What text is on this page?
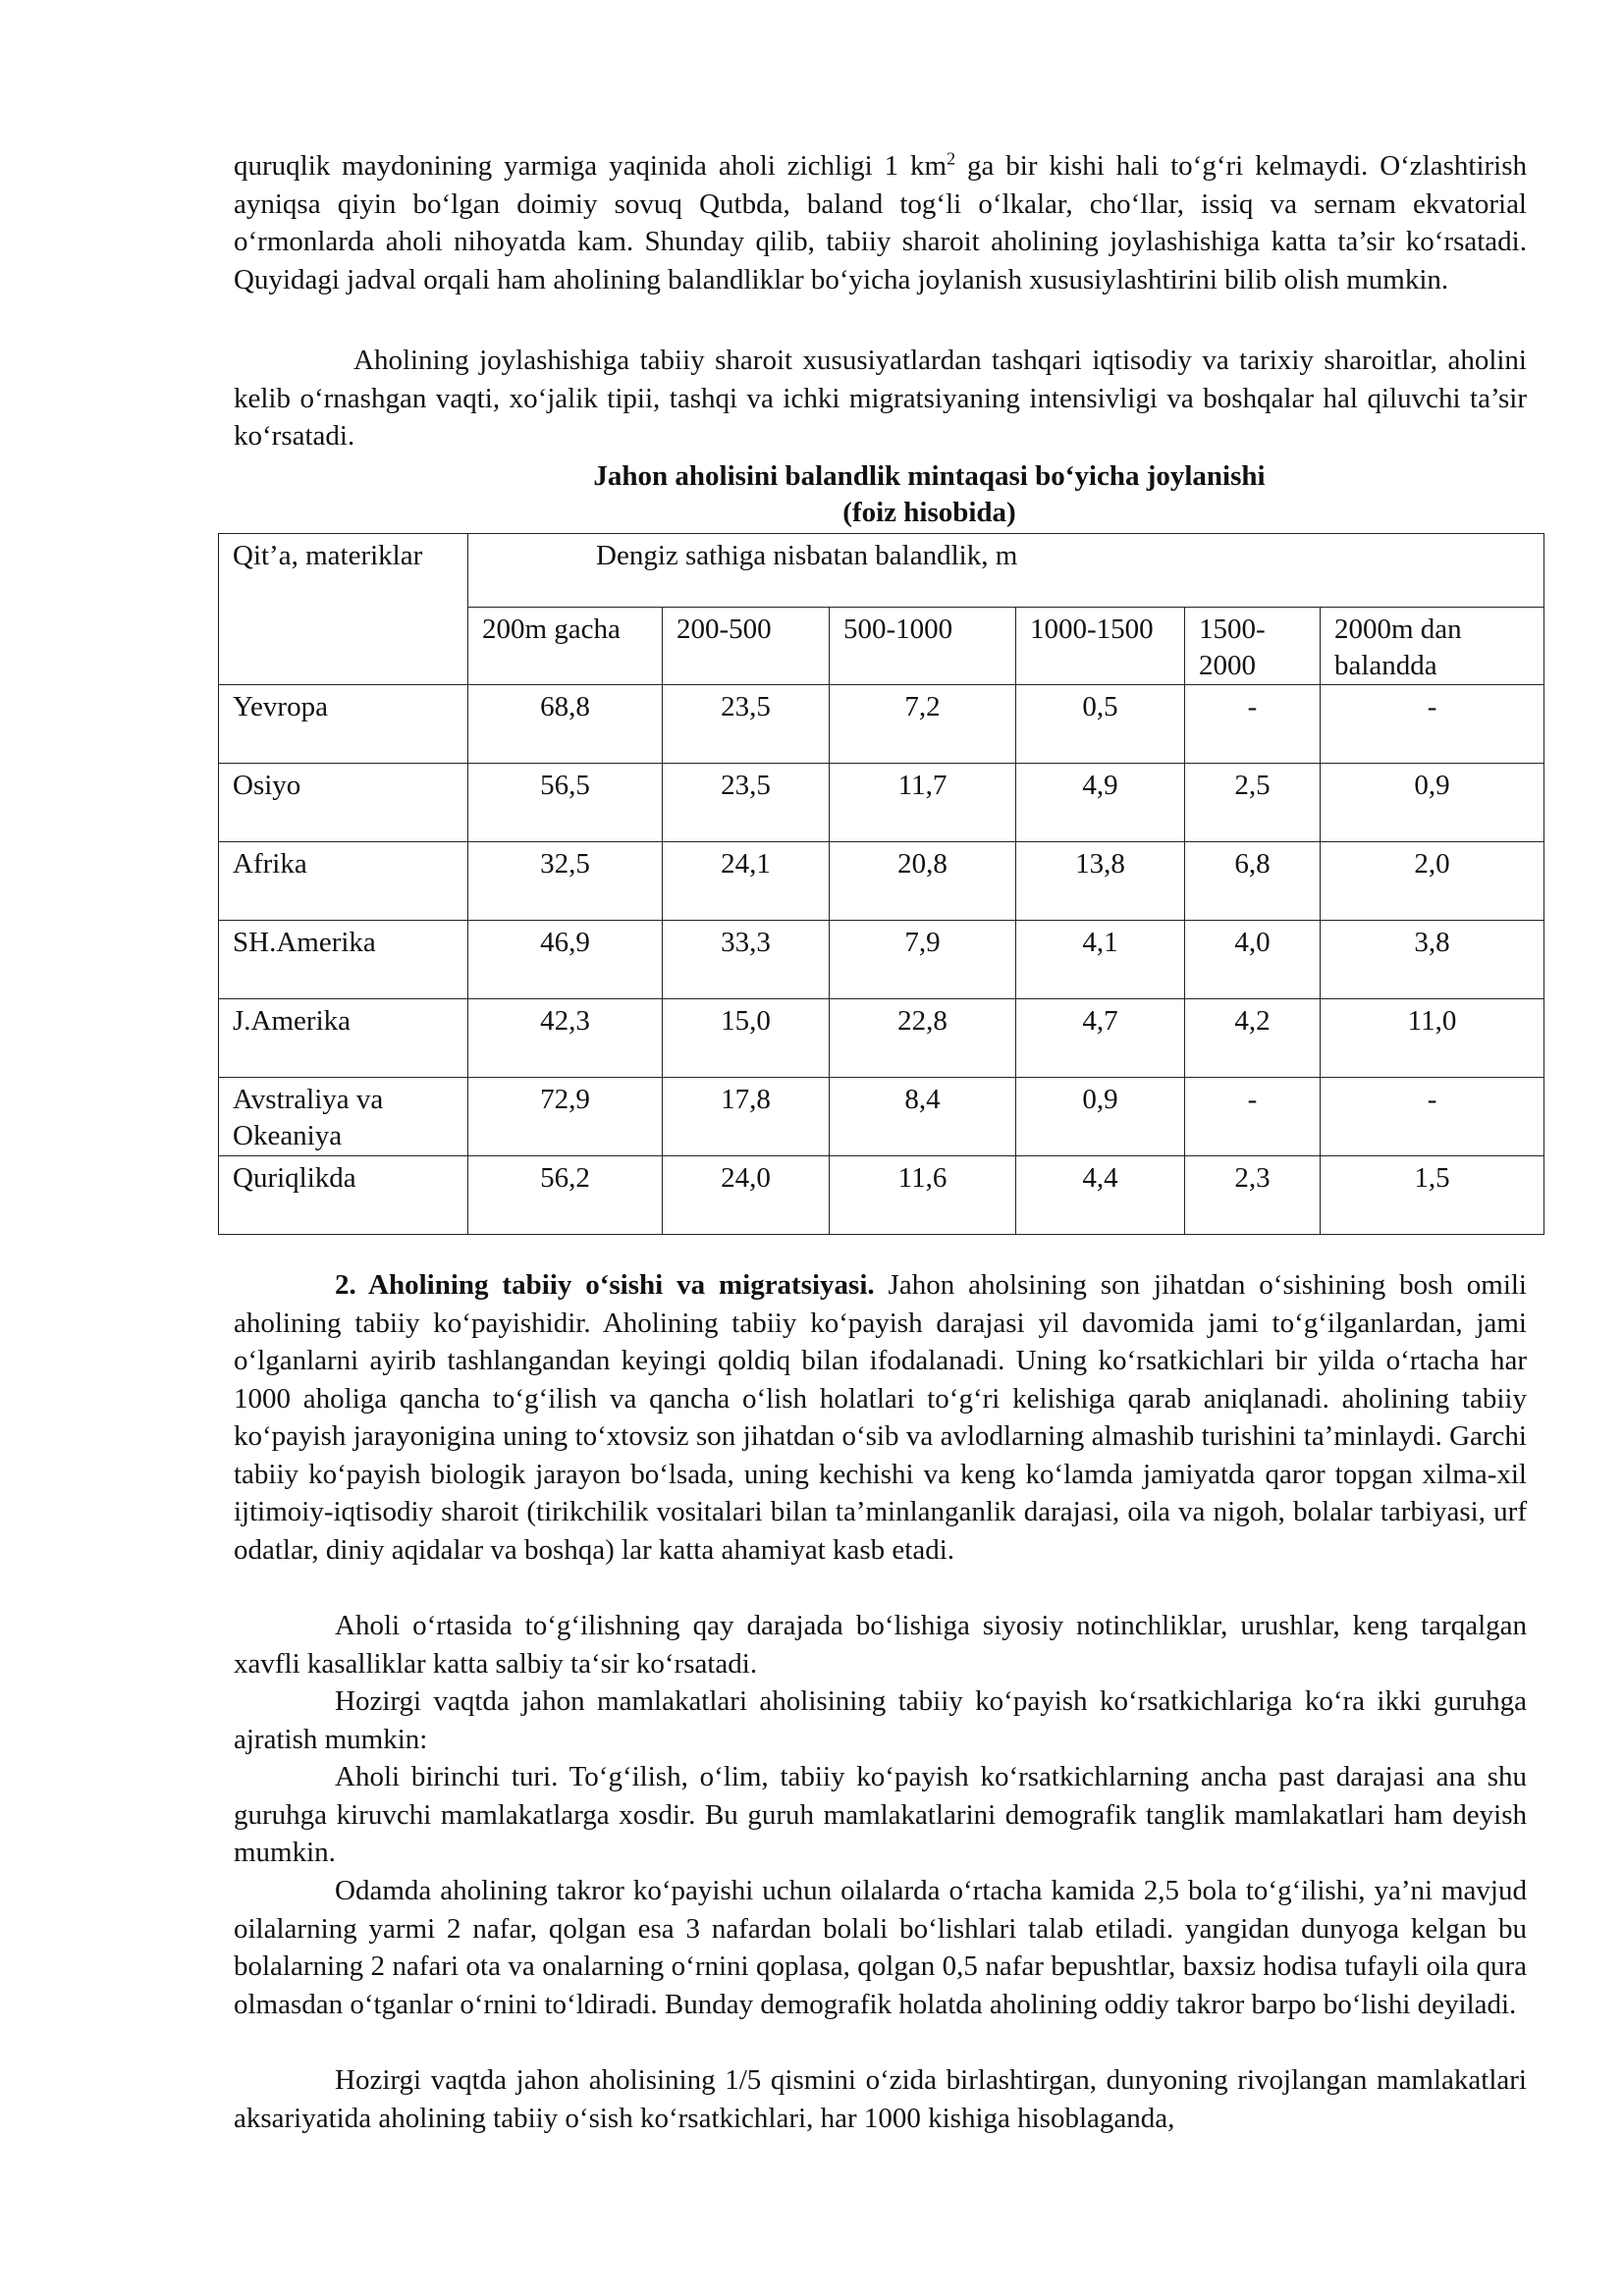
quruqlik maydonining yarmiga yaqinida aholi zichligi 1 $km^2$ ga bir kishi hali to‘g‘ri kelmaydi. O‘zlashtirish ayniqsa qiyin bo‘lgan doimiy sovuq Qutbda, baland tog‘li o‘lkalar, cho‘llar, issiq va sernam ekvatorial o‘rmonlarda aholi nihoyatda kam. Shunday qilib, tabiiy sharoit aholining joylashishiga katta ta’sir ko‘rsatadi. Quyidagi jadval orqali ham aholining balandliklar bo‘yicha joylanish xususiylashtirini bilib olish mumkin.

Aholining joylashishiga tabiiy sharoit xususiyatlardan tashqari iqtisodiy va tarixiy sharoitlar, aholini kelib o‘rnashgan vaqti, xo‘jalik tipii, tashqi va ichki migratsiyaning intensivligi va boshqalar hal qiluvchi ta’sir ko‘rsatadi.

Jahon aholisini balandlik mintaqasi bo‘yicha joylanishi

(foiz hisobida)

Qit’a, materiklar	Dengiz sathiga nisbatan balandlik, m					
	200m gacha	200-500	500-1000	1000-1500	1500-2000	2000m dan balandda
Yevropa	68,8	23,5	7,2	0,5	-	-
Osiyo	56,5	23,5	11,7	4,9	2,5	0,9
Afrika	32,5	24,1	20,8	13,8	6,8	2,0
SH.Amerika	46,9	33,3	7,9	4,1	4,0	3,8
J.Amerika	42,3	15,0	22,8	4,7	4,2	11,0
Avstraliya va Okeaniya	72,9	17,8	8,4	0,9	-	-
Quriqlikda	56,2	24,0	11,6	4,4	2,3	1,5

2. Aholining tabiiy o‘sishi va migratsiyasi. Jahon aholsining son jihatdan o‘sishining bosh omili aholining tabiiy ko‘payishidir. Aholining tabiiy ko‘payish darajasi yil davomida jami to‘g‘ilganlardan, jami o‘lganlarni ayirib tashlangandan keyingi qoldiq bilan ifodalanadi. Uning ko‘rsatkichlari bir yilda o‘rtacha har 1000 aholiga qancha to‘g‘ilish va qancha o‘lish holatlari to‘g‘ri kelishiga qarab aniqlanadi. aholining tabiiy ko‘payish jarayonigina uning to‘xtovsiz son jihatdan o‘sib va avlodlarning almashib turishini ta’minlaydi. Garchi tabiiy ko‘payish biologik jarayon bo‘lsada, uning kechishi va keng ko‘lamda jamiyatda qaror topgan xilma-xil ijtimoiy-iqtisodiy sharoit (tirikchilik vositalari bilan ta’minlanganlik darajasi, oila va nigoh, bolalar tarbiyasi, urf odatlar, diniy aqidalar va boshqa) lar katta ahamiyat kasb etadi.

Aholi o‘rtasida to‘g‘ilishning qay darajada bo‘lishiga siyosiy notinchliklar, urushlar, keng tarqalgan xavfli kasalliklar katta salbiy ta‘sir ko‘rsatadi.

Hozirgi vaqtda jahon mamlakatlari aholisining tabiiy ko‘payish ko‘rsatkichlariga ko‘ra ikki guruhga ajratish mumkin:

Aholi birinchi turi. To‘g‘ilish, o‘lim, tabiiy ko‘payish ko‘rsatkichlarning ancha past darajasi ana shu guruhga kiruvchi mamlakatlarga xosdir. Bu guruh mamlakatlarini demografik tanglik mamlakatlari ham deyish mumkin.

Odamda aholining takror ko‘payishi uchun oilalarda o‘rtacha kamida 2,5 bola to‘g‘ilishi, ya’ni mavjud oilalarning yarmi 2 nafar, qolgan esa 3 nafardan bolali bo‘lishlari talab etiladi. yangidan dunyoga kelgan bu bolalarning 2 nafari ota va onalarning o‘rnini qoplasa, qolgan 0,5 nafar bepushtlar, baxsiz hodisa tufayli oila qura olmasdan o‘tganlar o‘rnini to‘ldiradi. Bunday demografik holatda aholining oddiy takror barpo bo‘lishi deyiladi.

Hozirgi vaqtda jahon aholisining 1/5 qismini o‘zida birlashtirgan, dunyoning rivojlangan mamlakatlari aksariyatida aholining tabiiy o‘sish ko‘rsatkichlari, har 1000 kishiga hisoblaganda,
